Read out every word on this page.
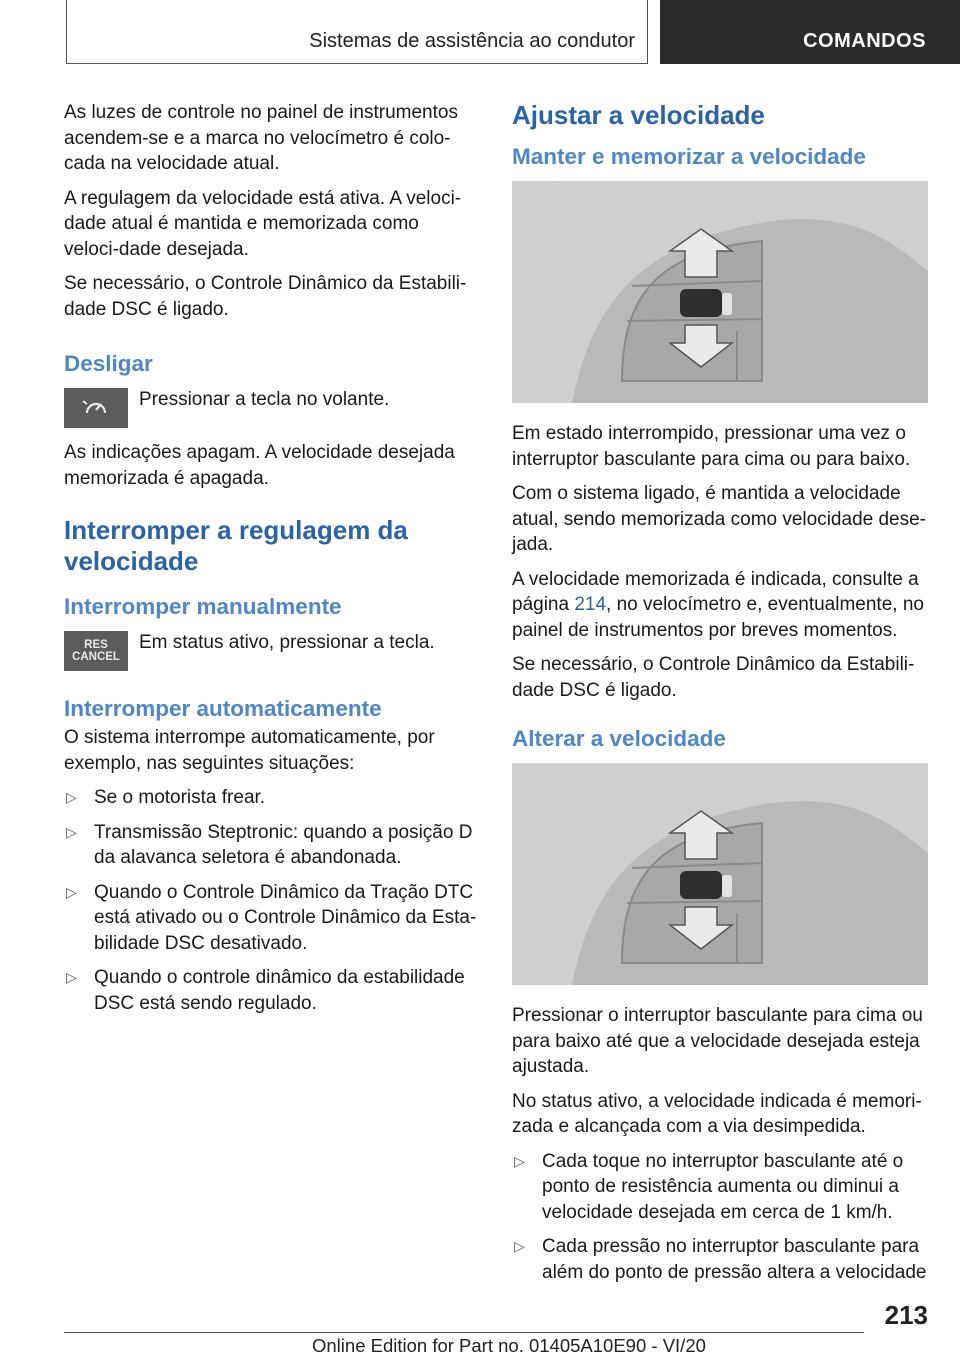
Sistemas de assistência ao condutor	COMANDOS

As luzes de controle no painel de instrumentos acendem-se e a marca no velocímetro é colo-cada na velocidade atual.

A regulagem da velocidade está ativa. A veloci-dade atual é mantida e memorizada como veloci-dade desejada.

Se necessário, o Controle Dinâmico da Estabili-dade DSC é ligado.

Desligar

Pressionar a tecla no volante.

As indicações apagam. A velocidade desejada memorizada é apagada.

Interromper a regulagem da velocidade
Interromper manualmente
RES
CANCEL

Em status ativo, pressionar a tecla.

Interromper automaticamente

O sistema interrompe automaticamente, por exemplo, nas seguintes situações:

▷ Se o motorista frear.
▷ Transmissão Steptronic: quando a posição D da alavanca seletora é abandonada.
▷ Quando o Controle Dinâmico da Tração DTC está ativado ou o Controle Dinâmico da Esta-bilidade DSC desativado.
▷ Quando o controle dinâmico da estabilidade DSC está sendo regulado.
Ajustar a velocidade
Manter e memorizar a velocidade

Em estado interrompido, pressionar uma vez o interruptor basculante para cima ou para baixo.

Com o sistema ligado, é mantida a velocidade atual, sendo memorizada como velocidade dese-jada.

A velocidade memorizada é indicada, consulte a página 214, no velocímetro e, eventualmente, no painel de instrumentos por breves momentos.

Se necessário, o Controle Dinâmico da Estabili-dade DSC é ligado.

Alterar a velocidade

Pressionar o interruptor basculante para cima ou para baixo até que a velocidade desejada esteja ajustada.

No status ativo, a velocidade indicada é memori-zada e alcançada com a via desimpedida.

▷ Cada toque no interruptor basculante até o ponto de resistência aumenta ou diminui a velocidade desejada em cerca de 1 km/h.
▷ Cada pressão no interruptor basculante para além do ponto de pressão altera a velocidade
213
Online Edition for Part no. 01405A10E90 - VI/20
